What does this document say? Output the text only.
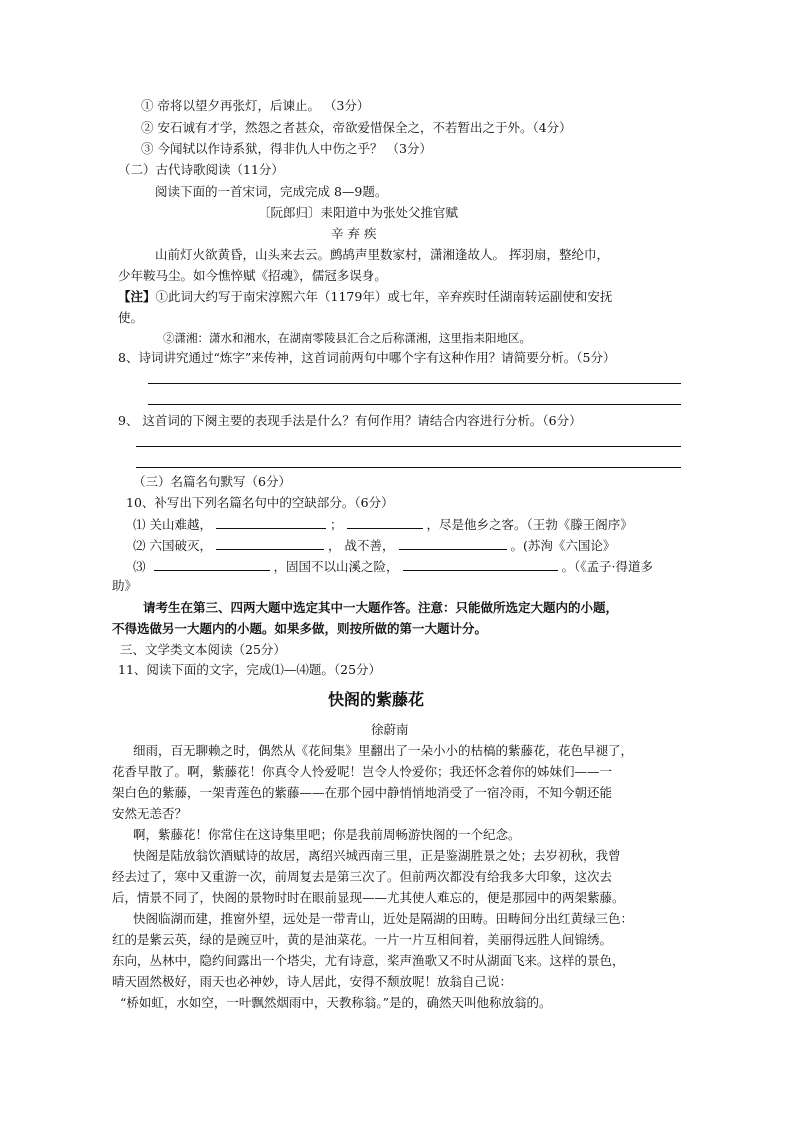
① 帝将以望夕再张灯，后谏止。 （3分）
② 安石诚有才学，然怨之者甚众，帝欲爱惜保全之，不若暂出之于外。（4分）
③ 今闻轼以作诗系狱，得非仇人中伤之乎？ （3分）
（二）古代诗歌阅读（11分）
阅读下面的一首宋词，完成完成 8—9题。
〔阮郎归〕耒阳道中为张处父推官赋
辛 弃 疾
山前灯火欲黄昏，山头来去云。鹧鸪声里数家村，潇湘逢故人。 挥羽扇，整纶巾，
少年鞍马尘。如今憔悴赋《招魂》，儒冠多误身。
【注】①此词大约写于南宋淳熙六年（1179年）或七年，辛弃疾时任湖南转运副使和安抚
使。
②潇湘：潇水和湘水，在湖南零陵县汇合之后称潇湘，这里指耒阳地区。
8、诗词讲究通过“炼字”来传神，这首词前两句中哪个字有这种作用？请简要分析。（5分）
9、 这首词的下阕主要的表现手法是什么？有何作用？请结合内容进行分析。（6分）
（三）名篇名句默写（6分）
10、补写出下列名篇名句中的空缺部分。（6分）
⑴ 关山难越，	；	，尽是他乡之客。（王勃《滕王阁序》
⑵ 六国破灭，	， 战不善，	。(苏洵《六国论》
⑶	，固国不以山溪之险，	。（《孟子·得道多
助》
请考生在第三、四两大题中选定其中一大题作答。注意：只能做所选定大题内的小题，
不得选做另一大题内的小题。如果多做，则按所做的第一大题计分。
三、文学类文本阅读（25分）
11、阅读下面的文字，完成⑴—⑷题。（25分）
快阁的紫藤花
徐蔚南
细雨，百无聊赖之时，偶然从《花间集》里翻出了一朵小小的枯槁的紫藤花，花色早褪了，
花香早散了。啊，紫藤花！你真令人怜爱呢！岂令人怜爱你；我还怀念着你的姊妹们——一
架白色的紫藤，一架青莲色的紫藤——在那个园中静悄悄地消受了一宿冷雨，不知今朝还能
安然无恙否？
啊，紫藤花！你常住在这诗集里吧；你是我前周畅游快阁的一个纪念。
快阁是陆放翁饮酒赋诗的故居，离绍兴城西南三里，正是鉴湖胜景之处；去岁初秋，我曾
经去过了，寒中又重游一次，前周复去是第三次了。但前两次都没有给我多大印象，这次去
后，情景不同了，快阁的景物时时在眼前显现——尤其使人难忘的，便是那园中的两架紫藤。
快阁临湖而建，推窗外望，远处是一带青山，近处是隔湖的田畴。田畴间分出红黄绿三色：
红的是紫云英，绿的是豌豆叶，黄的是油菜花。一片一片互相间着，美丽得远胜人间锦绣。
东向，丛林中，隐约间露出一个塔尖，尤有诗意，桨声渔歌又不时从湖面飞来。这样的景色，
晴天固然极好，雨天也必神妙，诗人居此，安得不颓放呢！放翁自己说：
“桥如虹，水如空，一叶飘然烟雨中，天教称翁。”是的，确然天叫他称放翁的。
